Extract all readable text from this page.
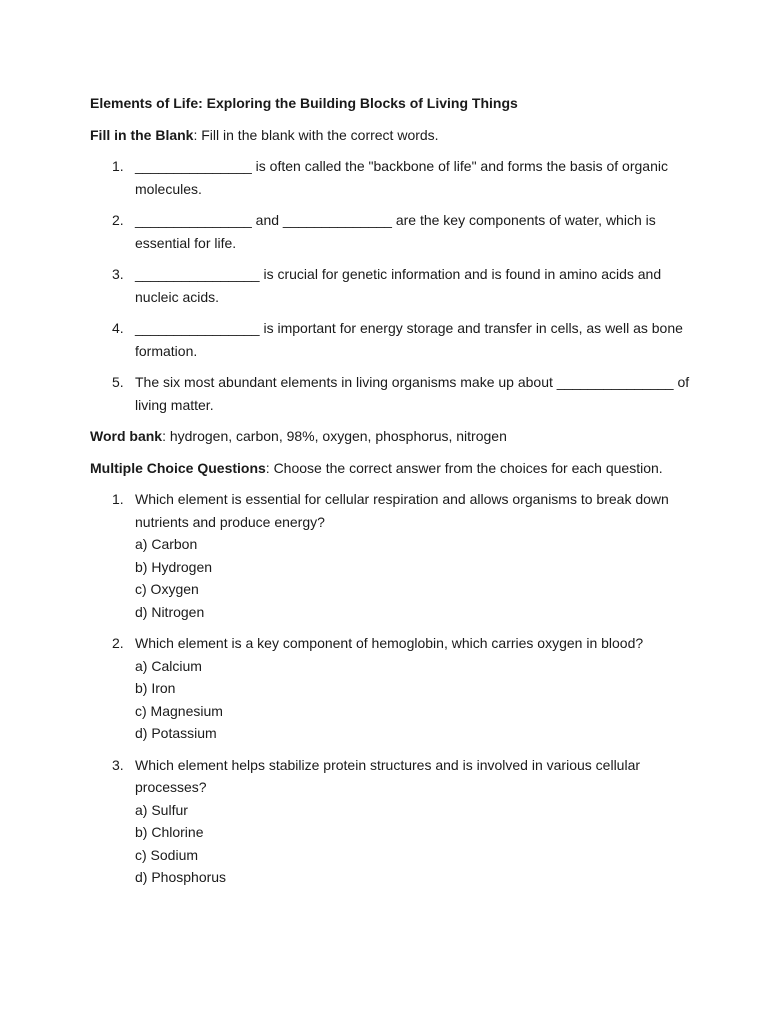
Elements of Life: Exploring the Building Blocks of Living Things

Fill in the Blank: Fill in the blank with the correct words.

1. _______________ is often called the "backbone of life" and forms the basis of organic molecules.
2. _______________ and ______________ are the key components of water, which is essential for life.
3. ________________ is crucial for genetic information and is found in amino acids and nucleic acids.
4. ________________ is important for energy storage and transfer in cells, as well as bone formation.
5. The six most abundant elements in living organisms make up about _______________ of living matter.

Word bank: hydrogen, carbon, 98%, oxygen, phosphorus, nitrogen

Multiple Choice Questions: Choose the correct answer from the choices for each question.

1. Which element is essential for cellular respiration and allows organisms to break down nutrients and produce energy?
a) Carbon
b) Hydrogen
c) Oxygen
d) Nitrogen
2. Which element is a key component of hemoglobin, which carries oxygen in blood?
a) Calcium
b) Iron
c) Magnesium
d) Potassium
3. Which element helps stabilize protein structures and is involved in various cellular processes?
a) Sulfur
b) Chlorine
c) Sodium
d) Phosphorus
